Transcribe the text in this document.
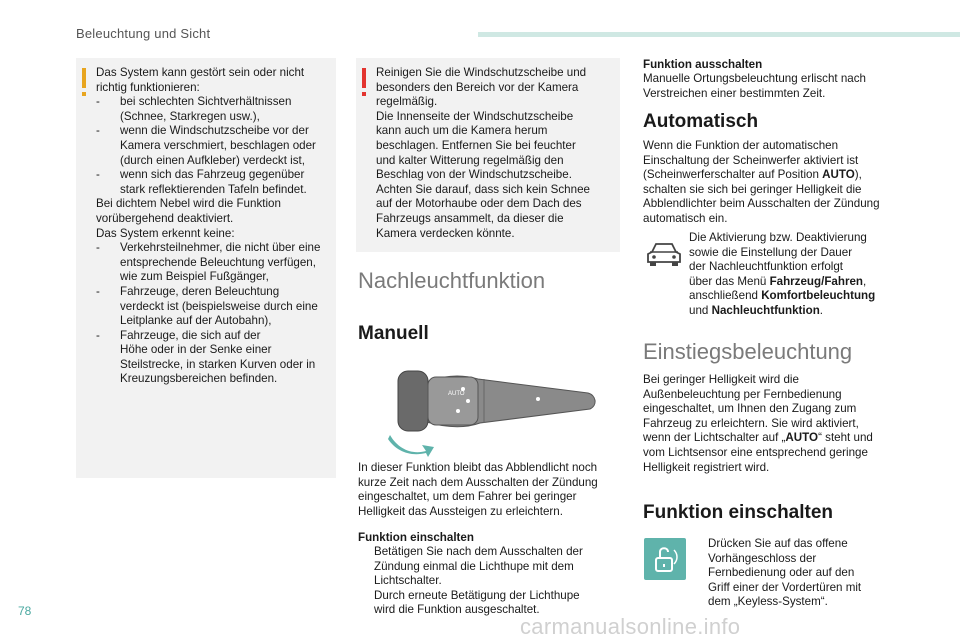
Beleuchtung und Sicht
Das System kann gestört sein oder nicht
richtig funktionieren:
- bei schlechten Sichtverhältnissen
(Schnee, Starkregen usw.),
- wenn die Windschutzscheibe vor der
Kamera verschmiert, beschlagen oder
(durch einen Aufkleber) verdeckt ist,
- wenn sich das Fahrzeug gegenüber
stark reflektierenden Tafeln befindet.
Bei dichtem Nebel wird die Funktion
vorübergehend deaktiviert.
Das System erkennt keine:
- Verkehrsteilnehmer, die nicht über eine
entsprechende Beleuchtung verfügen,
wie zum Beispiel Fußgänger,
- Fahrzeuge, deren Beleuchtung
verdeckt ist (beispielsweise durch eine
Leitplanke auf der Autobahn),
- Fahrzeuge, die sich auf der
Höhe oder in der Senke einer
Steilstrecke, in starken Kurven oder in
Kreuzungsbereichen befinden.
Reinigen Sie die Windschutzscheibe und
besonders den Bereich vor der Kamera
regelmäßig.
Die Innenseite der Windschutzscheibe
kann auch um die Kamera herum
beschlagen. Entfernen Sie bei feuchter
und kalter Witterung regelmäßig den
Beschlag von der Windschutzscheibe.
Achten Sie darauf, dass sich kein Schnee
auf der Motorhaube oder dem Dach des
Fahrzeugs ansammelt, da dieser die
Kamera verdecken könnte.
Nachleuchtfunktion
Manuell
AUTO
In dieser Funktion bleibt das Abblendlicht noch
kurze Zeit nach dem Ausschalten der Zündung
eingeschaltet, um dem Fahrer bei geringer
Helligkeit das Aussteigen zu erleichtern.
Funktion einschalten
Betätigen Sie nach dem Ausschalten der
Zündung einmal die Lichthupe mit dem
Lichtschalter.
Durch erneute Betätigung der Lichthupe
wird die Funktion ausgeschaltet.
Funktion ausschalten
Manuelle Ortungsbeleuchtung erlischt nach
Verstreichen einer bestimmten Zeit.
Automatisch
Wenn die Funktion der automatischen
Einschaltung der Scheinwerfer aktiviert ist
(Scheinwerferschalter auf Position AUTO),
schalten sie sich bei geringer Helligkeit die
Abblendlichter beim Ausschalten der Zündung
automatisch ein.
Die Aktivierung bzw. Deaktivierung
sowie die Einstellung der Dauer
der Nachleuchtfunktion erfolgt
über das Menü Fahrzeug/Fahren,
anschließend Komfortbeleuchtung
und Nachleuchtfunktion.
Einstiegsbeleuchtung
Bei geringer Helligkeit wird die
Außenbeleuchtung per Fernbedienung
eingeschaltet, um Ihnen den Zugang zum
Fahrzeug zu erleichtern. Sie wird aktiviert,
wenn der Lichtschalter auf „AUTO“ steht und
vom Lichtsensor eine entsprechend geringe
Helligkeit registriert wird.
Funktion einschalten
Drücken Sie auf das offene
Vorhängeschloss der
Fernbedienung oder auf den
Griff einer der Vordertüren mit
dem „Keyless-System“.
78
carmanualsonline.info
